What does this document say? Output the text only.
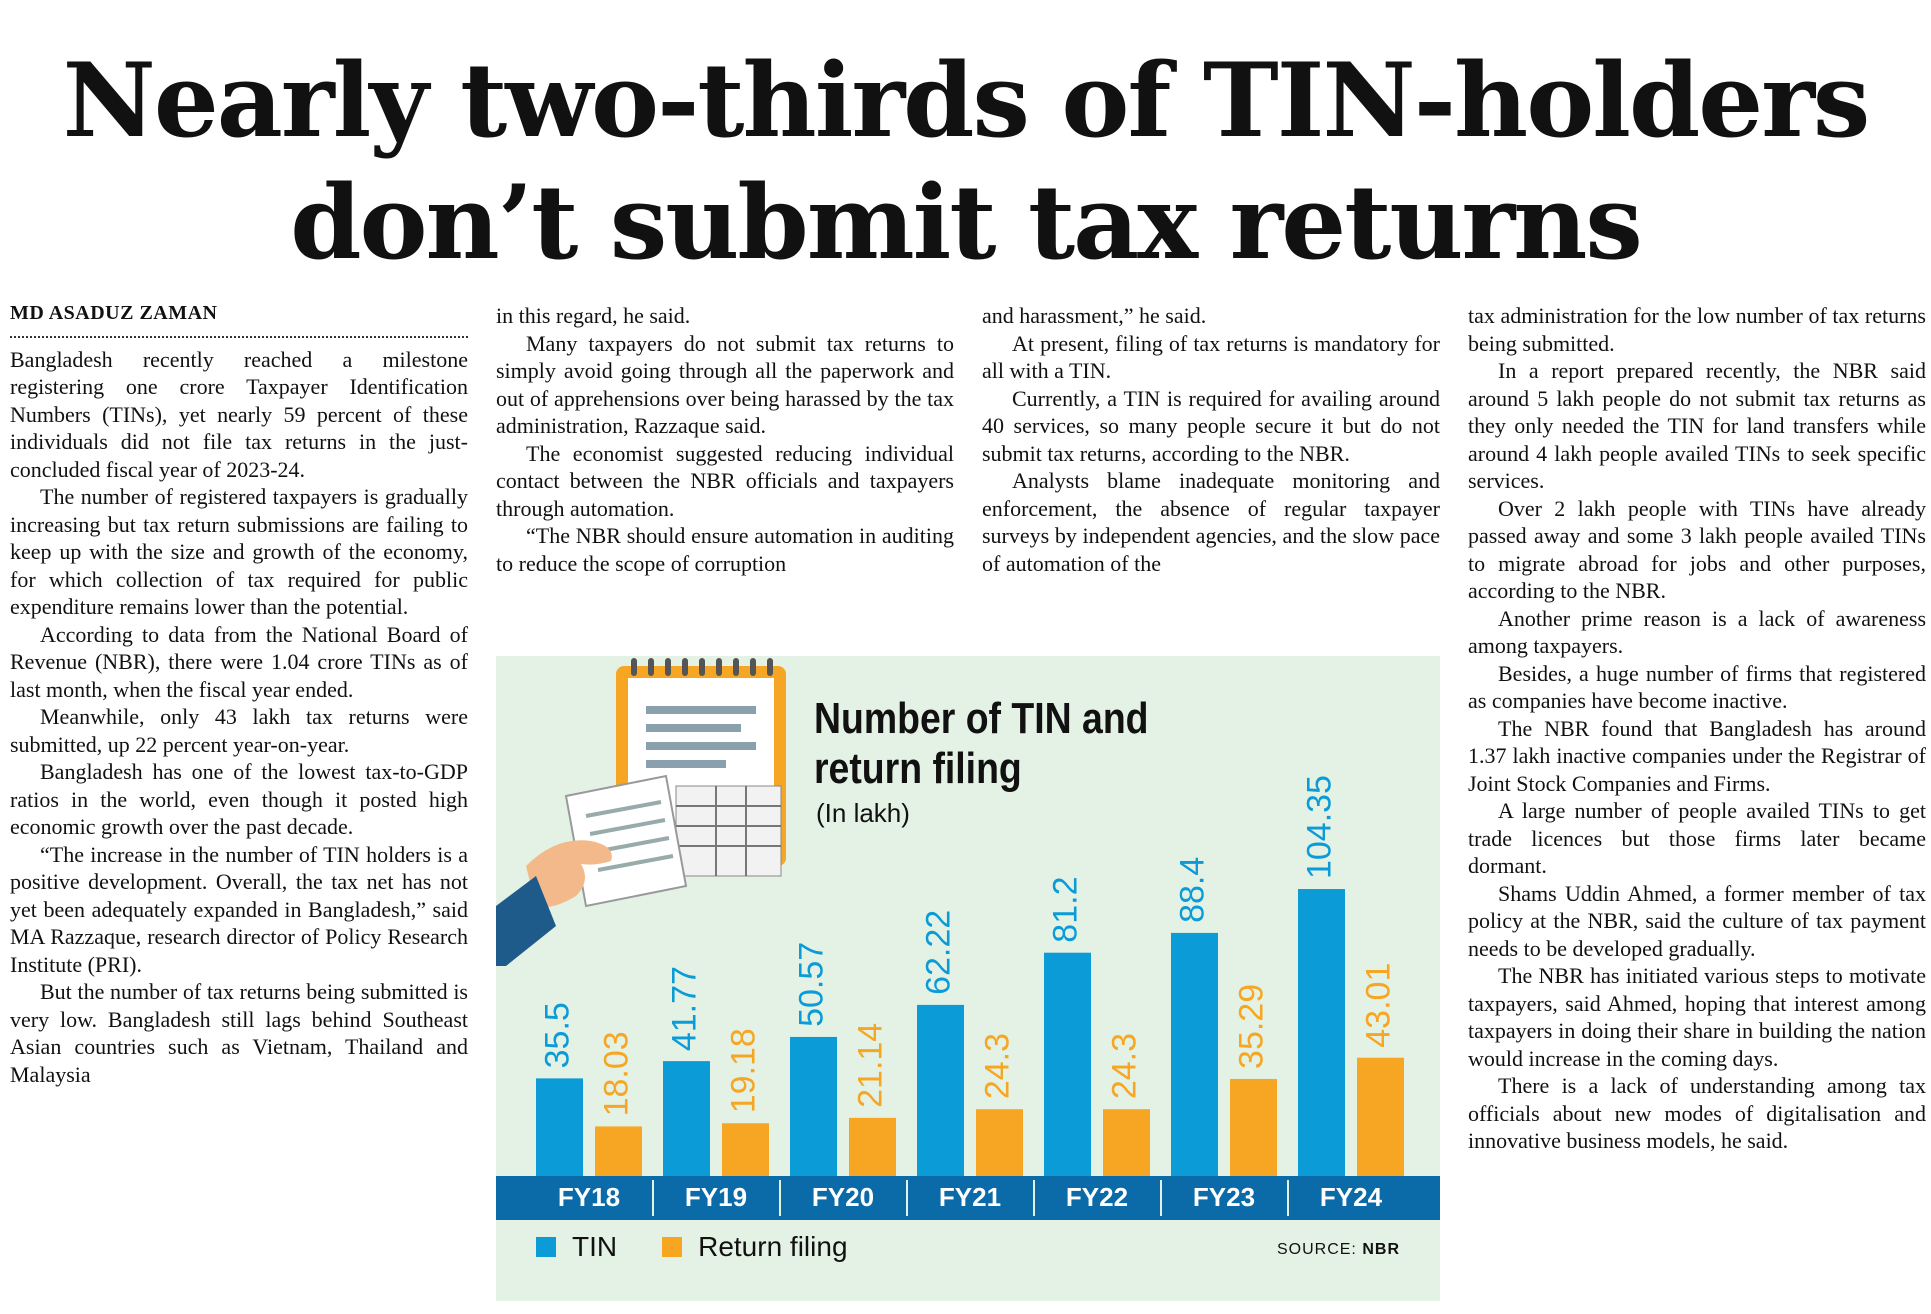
Nearly two-thirds of TIN-holders
don’t submit tax returns
MD ASADUZ ZAMAN

Bangladesh recently reached a milestone registering one crore Taxpayer Identification Numbers (TINs), yet nearly 59 percent of these individuals did not file tax returns in the just-concluded fiscal year of 2023-24.

The number of registered taxpayers is gradually increasing but tax return submissions are failing to keep up with the size and growth of the economy, for which collection of tax required for public expenditure remains lower than the potential.

According to data from the National Board of Revenue (NBR), there were 1.04 crore TINs as of last month, when the fiscal year ended.

Meanwhile, only 43 lakh tax returns were submitted, up 22 percent year-on-year.

Bangladesh has one of the lowest tax-to-GDP ratios in the world, even though it posted high economic growth over the past decade.

“The increase in the number of TIN holders is a positive development. Overall, the tax net has not yet been adequately expanded in Bangladesh,” said MA Razzaque, research director of Policy Research Institute (PRI).

But the number of tax returns being submitted is very low. Bangladesh still lags behind Southeast Asian countries such as Vietnam, Thailand and Malaysia

in this regard, he said.

Many taxpayers do not submit tax returns to simply avoid going through all the paperwork and out of apprehensions over being harassed by the tax administration, Razzaque said.

The economist suggested reducing individual contact between the NBR officials and taxpayers through automation.

“The NBR should ensure automation in auditing to reduce the scope of corruption

and harassment,” he said.

At present, filing of tax returns is mandatory for all with a TIN.

Currently, a TIN is required for availing around 40 services, so many people secure it but do not submit tax returns, according to the NBR.

Analysts blame inadequate monitoring and enforcement, the absence of regular taxpayer surveys by independent agencies, and the slow pace of automation of the

tax administration for the low number of tax returns being submitted.

In a report prepared recently, the NBR said around 5 lakh people do not submit tax returns as they only needed the TIN for land transfers while around 4 lakh people availed TINs to seek specific services.

Over 2 lakh people with TINs have already passed away and some 3 lakh people availed TINs to migrate abroad for jobs and other purposes, according to the NBR.

Another prime reason is a lack of awareness among taxpayers.

Besides, a huge number of firms that registered as companies have become inactive.

The NBR found that Bangladesh has around 1.37 lakh inactive companies under the Registrar of Joint Stock Companies and Firms.

A large number of people availed TINs to get trade licences but those firms later became dormant.

Shams Uddin Ahmed, a former member of tax policy at the NBR, said the culture of tax payment needs to be developed gradually.

The NBR has initiated various steps to motivate taxpayers, said Ahmed, hoping that interest among taxpayers in doing their share in building the nation would increase in the coming days.

There is a lack of understanding among tax officials about new modes of digitalisation and innovative business models, he said.

Number of TIN and
return filing
(In lakh)
35.5 18.03
FY18
41.77
19.18
FY19
50.57
21.14
FY20
62.22
24.3
FY21
81.2
24.3
FY22
88.4
35.29
FY23
104.35
43.01
FY24
TIN	Return filing	SOURCE: NBR
